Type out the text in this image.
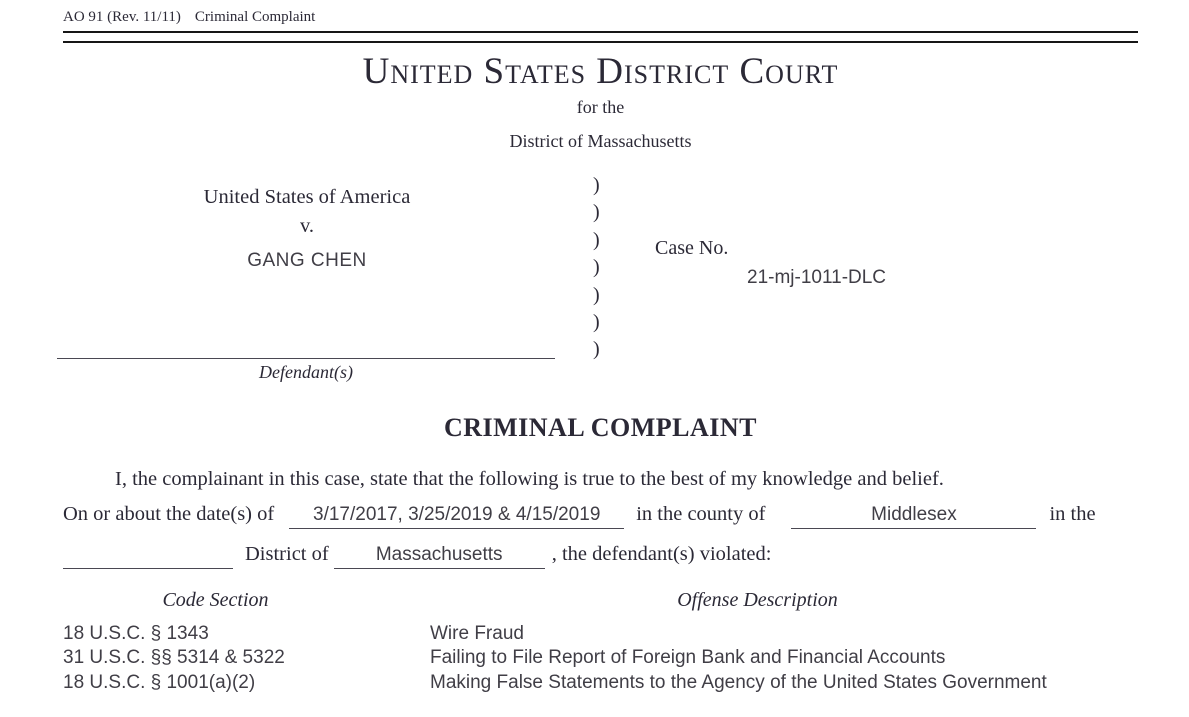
AO 91 (Rev. 11/11) Criminal Complaint
United States District Court
for the
District of Massachusetts
United States of America
v.
GANG CHEN
)
)
)
)
)
)
)
Case No.
21-mj-1011-DLC
Defendant(s)
CRIMINAL COMPLAINT
I, the complainant in this case, state that the following is true to the best of my knowledge and belief.
On or about the date(s) of 3/17/2017, 3/25/2019 & 4/15/2019 in the county of	Middlesex	in the
District of Massachusetts , the defendant(s) violated:
Code Section	Offense Description
18 U.S.C. § 1343	Wire Fraud
31 U.S.C. §§ 5314 & 5322	Failing to File Report of Foreign Bank and Financial Accounts
18 U.S.C. § 1001(a)(2)	Making False Statements to the Agency of the United States Government
